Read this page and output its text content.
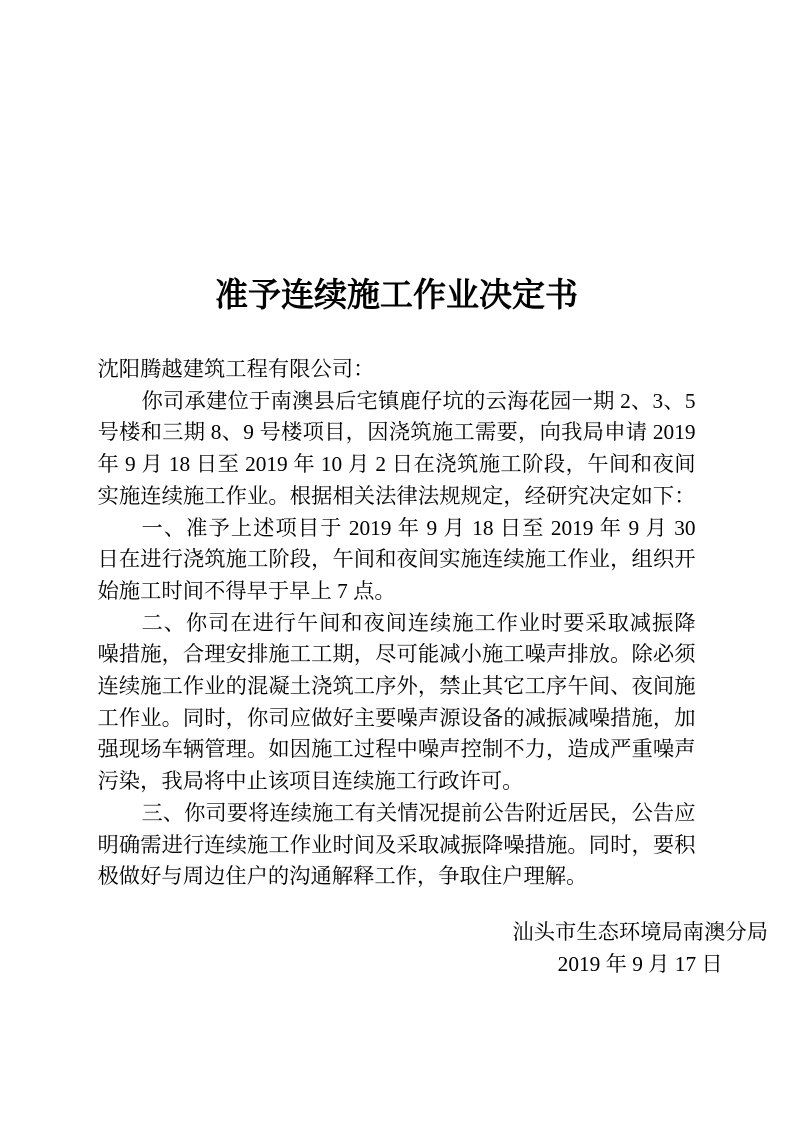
准予连续施工作业决定书
沈阳腾越建筑工程有限公司：
你司承建位于南澳县后宅镇鹿仔坑的云海花园一期 2、3、5
号楼和三期 8、9 号楼项目，因浇筑施工需要，向我局申请 2019
年 9 月 18 日至 2019 年 10 月 2 日在浇筑施工阶段，午间和夜间
实施连续施工作业。根据相关法律法规规定，经研究决定如下：
一、准予上述项目于 2019 年 9 月 18 日至 2019 年 9 月 30
日在进行浇筑施工阶段，午间和夜间实施连续施工作业，组织开
始施工时间不得早于早上 7 点。
二、你司在进行午间和夜间连续施工作业时要采取减振降
噪措施，合理安排施工工期，尽可能减小施工噪声排放。除必须
连续施工作业的混凝土浇筑工序外，禁止其它工序午间、夜间施
工作业。同时，你司应做好主要噪声源设备的减振减噪措施，加
强现场车辆管理。如因施工过程中噪声控制不力，造成严重噪声
污染，我局将中止该项目连续施工行政许可。
三、你司要将连续施工有关情况提前公告附近居民，公告应
明确需进行连续施工作业时间及采取减振降噪措施。同时，要积
极做好与周边住户的沟通解释工作，争取住户理解。
汕头市生态环境局南澳分局
2019 年 9 月 17 日
